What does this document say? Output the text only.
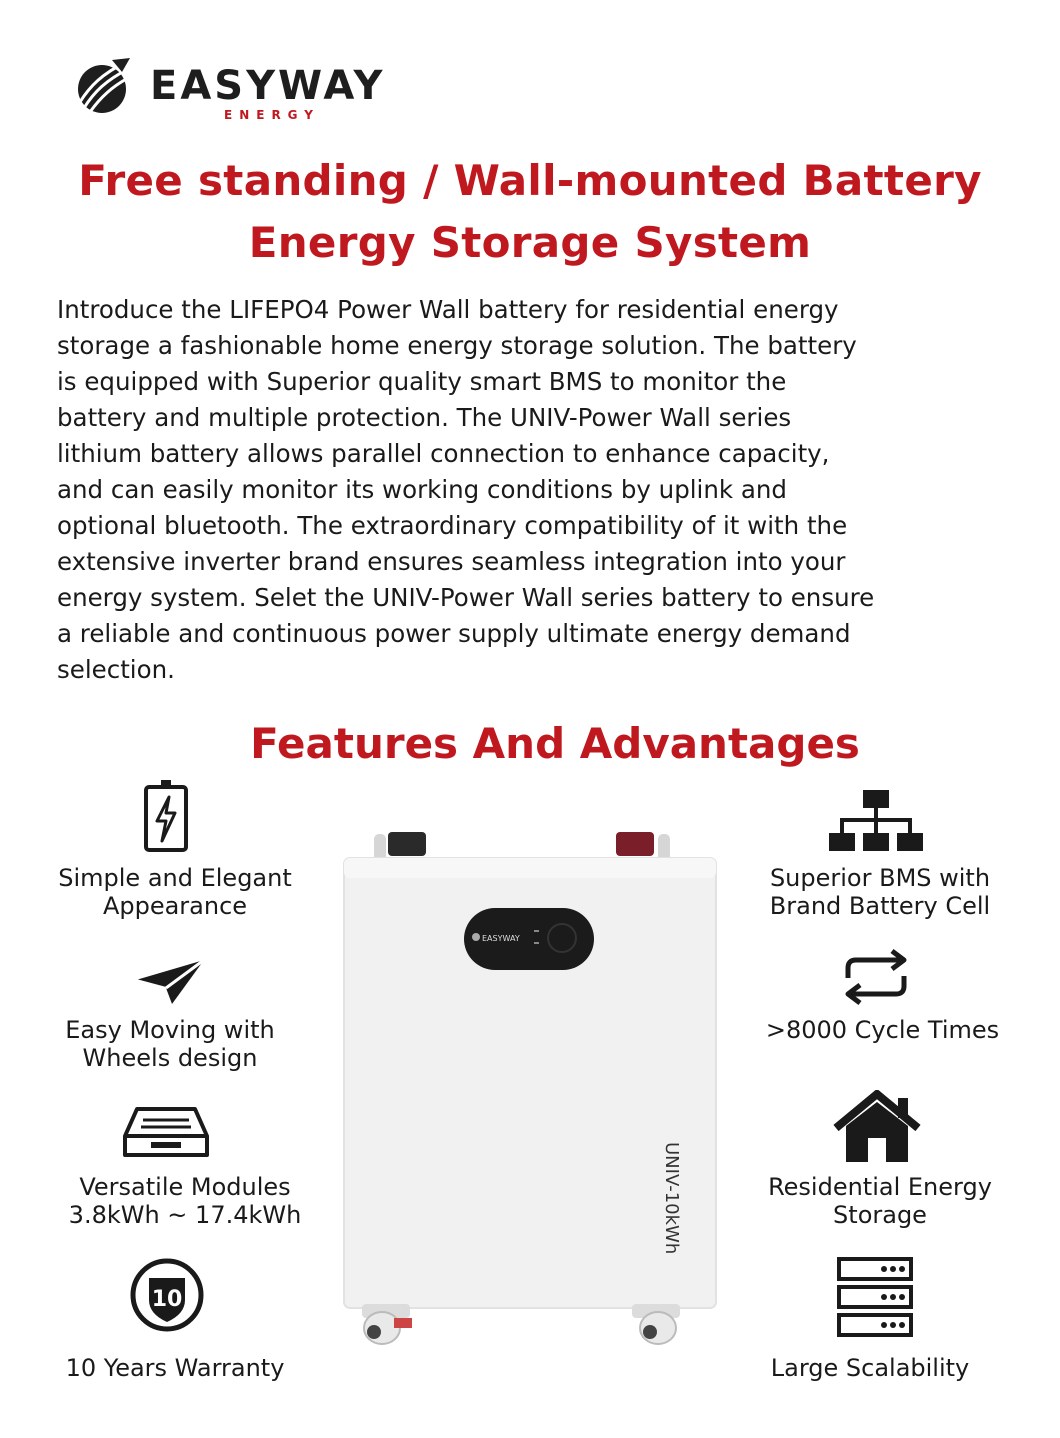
EASYWAY
ENERGY
Free standing / Wall-mounted Battery
Energy Storage System
Introduce the LIFEPO4 Power Wall battery for residential energy
storage a fashionable home energy storage solution. The battery
is equipped with Superior quality smart BMS to monitor the
battery and multiple protection. The UNIV-Power Wall series
lithium battery allows parallel connection to enhance capacity,
and can easily monitor its working conditions by uplink and
optional bluetooth. The extraordinary compatibility of it with the
extensive inverter brand ensures seamless integration into your
energy system. Selet the UNIV-Power Wall series battery to ensure
a reliable and continuous power supply ultimate energy demand
selection.
Features And Advantages
Simple and Elegant
Appearance
Easy Moving with
Wheels design
Versatile Modules
3.8kWh ~ 17.4kWh
10
10 Years Warranty
EASYWAY
UNIV-10kWh
Superior BMS with
Brand Battery Cell
>8000 Cycle Times
Residential Energy
Storage
Large Scalability
